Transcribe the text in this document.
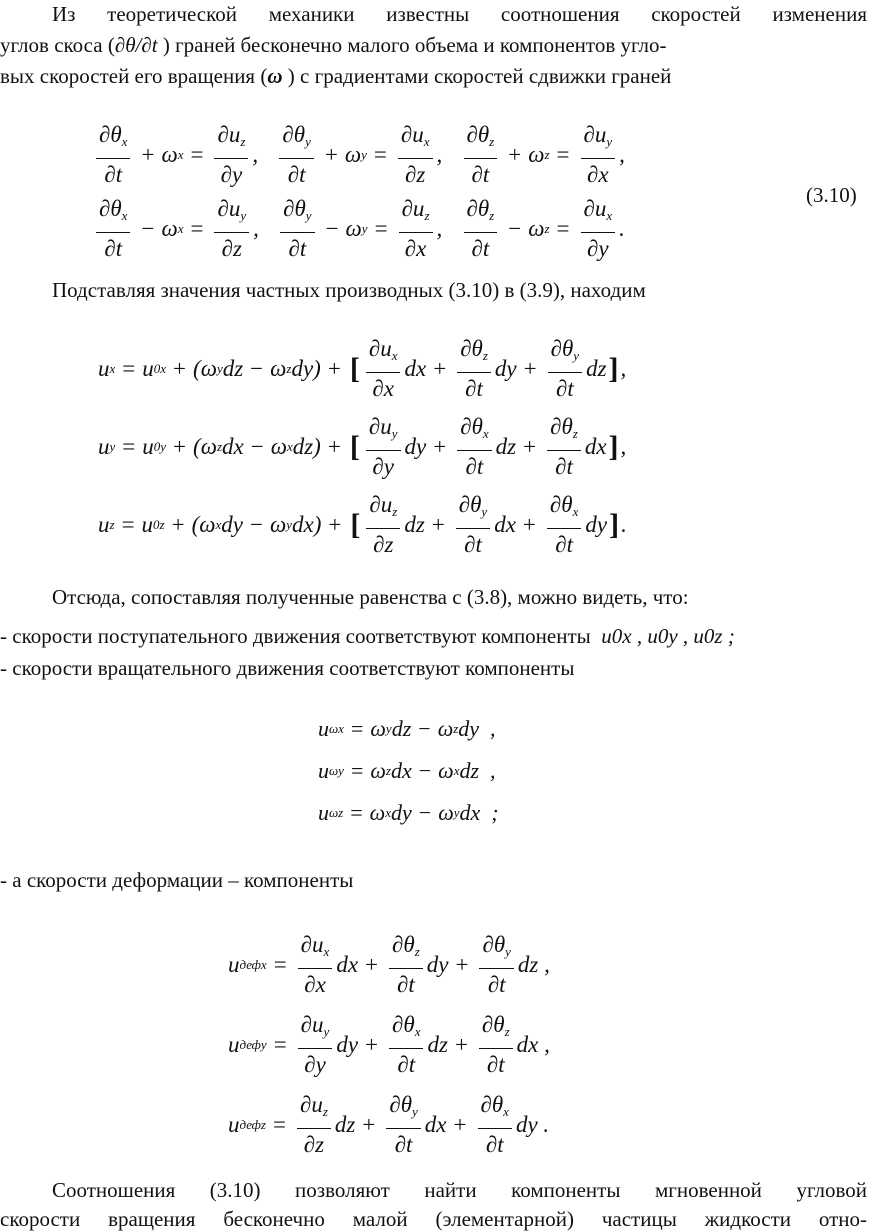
Из теоретической механики известны соотношения скоростей изменения
углов скоса (∂θ/∂t ) граней бесконечно малого объема и компонентов угло-
вых скоростей его вращения (ω ) с градиентами скоростей сдвижки граней
$\frac{\partial\theta_x}{\partial t} + \omega$ $x = \frac{\partial u_z}{\partial y}$ , $\frac{\partial\theta_y}{\partial t} + \omega$ $y = \frac{\partial u_x}{\partial z}$ , $\frac{\partial\theta_z}{\partial t} + \omega$ $z = \frac{\partial u_y}{\partial x}$ ,
$\frac{\partial\theta_x}{\partial t} - \omega$ $x = \frac{\partial u_y}{\partial z}$ , $\frac{\partial\theta_y}{\partial t} - \omega$ $y = \frac{\partial u_z}{\partial x}$ , $\frac{\partial\theta_z}{\partial t} - \omega$ $z = \frac{\partial u_x}{\partial y}$ .
(3.10)
Подставляя значения частных производных (3.10) в (3.9), находим
u x = u 0x + (ω y dz − ω z dy) + [ $\frac{\partial u_x}{\partial x}$ dx + $\frac{\partial\theta_z}{\partial t}$ dy + $\frac{\partial\theta_y}{\partial t}$ dz ] ,
u y = u 0y + (ω z dx − ω x dz) + [ $\frac{\partial u_y}{\partial y}$ dy + $\frac{\partial\theta_x}{\partial t}$ dz + $\frac{\partial\theta_z}{\partial t}$ dx ] ,
u z = u 0z + (ω x dy − ω y dx) + [ $\frac{\partial u_z}{\partial z}$ dz + $\frac{\partial\theta_y}{\partial t}$ dx + $\frac{\partial\theta_x}{\partial t}$ dy ] .
Отсюда, сопоставляя полученные равенства с (3.8), можно видеть, что:
- скорости поступательного движения соответствуют компоненты u0x , u0y , u0z ;
- скорости вращательного движения соответствуют компоненты
u ωx = ω y dz − ω z dy  ,
u ωy = ω z dx − ω x dz  ,
u ωz = ω x dy − ω y dx  ;
- а скорости деформации – компоненты
u дефx = $\frac{\partial u_x}{\partial x}$ dx + $\frac{\partial\theta_z}{\partial t}$ dy + $\frac{\partial\theta_y}{\partial t}$ dz ,
u дефy = $\frac{\partial u_y}{\partial y}$ dy + $\frac{\partial\theta_x}{\partial t}$ dz + $\frac{\partial\theta_z}{\partial t}$ dx ,
u дефz = $\frac{\partial u_z}{\partial z}$ dz + $\frac{\partial\theta_y}{\partial t}$ dx + $\frac{\partial\theta_x}{\partial t}$ dy .
Соотношения (3.10) позволяют найти компоненты мгновенной угловой
скорости вращения бесконечно малой (элементарной) частицы жидкости отно-
